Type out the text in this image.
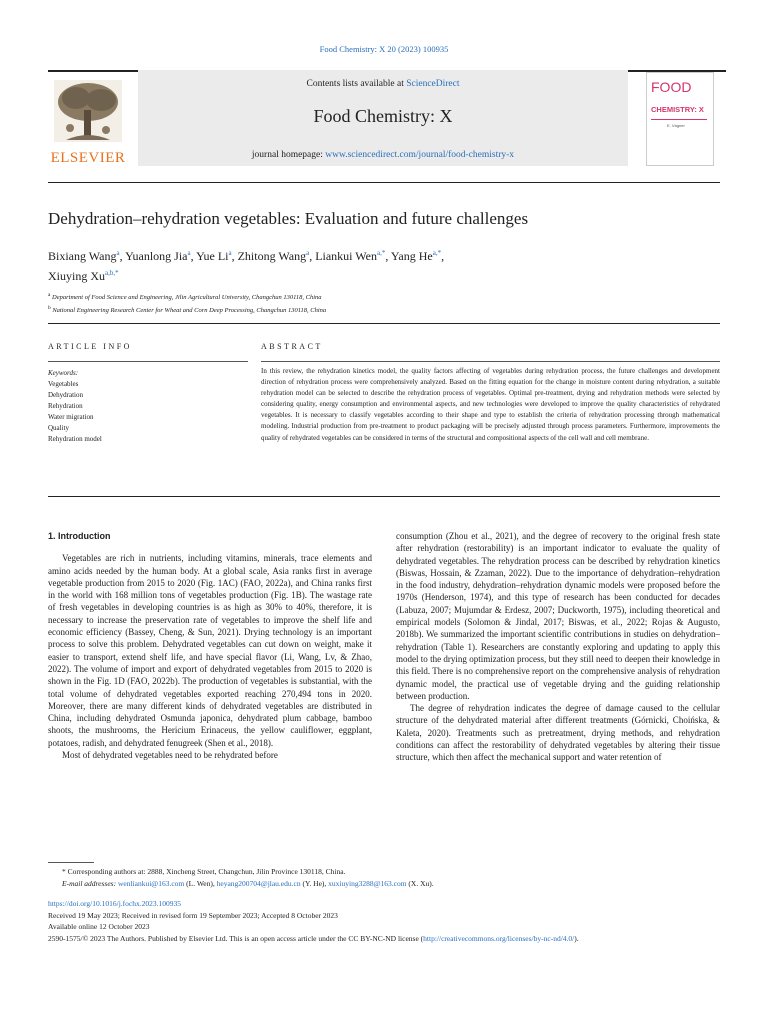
Food Chemistry: X 20 (2023) 100935
ELSEVIER
Contents lists available at ScienceDirect
Food Chemistry: X
journal homepage: www.sciencedirect.com/journal/food-chemistry-x
FOOD
CHEMISTRY: X
E. Vágner
Dehydration–rehydration vegetables: Evaluation and future challenges
Bixiang Wang$^a$, Yuanlong Jia$^a$, Yue Li$^a$, Zhitong Wang$^a$, Liankui Wen$^{a,*}$, Yang $He^{a,*}$,
Xiuying $Xu^{a,b,*}$
$^a$ Department of Food Science and Engineering, Jilin Agricultural University, Changchun 130118, China
$^b$ National Engineering Research Center for Wheat and Corn Deep Processing, Changchun 130118, China
ARTICLE INFO	ABSTRACT
Keywords:
Vegetables
Dehydration
Rehydration
Water migration
Quality
Rehydration model
In this review, the rehydration kinetics model, the quality factors affecting of vegetables during rehydration process, the future challenges and development direction of rehydration process were comprehensively analyzed. Based on the fitting equation for the change in moisture content during rehydration, a suitable rehydration model can be selected to describe the rehydration process of vegetables. Optimal pre-treatment, drying and rehydration methods were selected by considering quality, energy consumption and environmental aspects, and new technologies were developed to improve the quality characteristics of rehydrated vegetables. It is necessary to classify vegetables according to their shape and type to establish the criteria of rehydration processing through mathematical modeling. Industrial production from pre-treatment to product packaging will be precisely adjusted through process parameters. Furthermore, improvements the quality of rehydrated vegetables can be considered in terms of the structural and compositional aspects of the cell wall and cell membrane.
1. Introduction

Vegetables are rich in nutrients, including vitamins, minerals, trace elements and amino acids needed by the human body. At a global scale, Asia ranks first in average vegetable production from 2015 to 2020 (Fig. 1AC) (FAO, 2022a), and China ranks first in the world with 168 million tons of vegetables production (Fig. 1B). The wastage rate of fresh vegetables in developing countries is as high as 30% to 40%, therefore, it is necessary to increase the preservation rate of vegetables to improve the shelf life and economic efficiency (Bassey, Cheng, & Sun, 2021). Drying technology is an important process to solve this problem. Dehydrated vegetables can cut down on weight, make it easier to transport, extend shelf life, and have special flavor (Li, Wang, Lv, & Zhao, 2022). The volume of import and export of dehydrated vegetables from 2015 to 2020 is shown in the Fig. 1D (FAO, 2022b). The production of vegetables is substantial, with the total volume of dehydrated vegetables exported reaching 270,494 tons in 2020. Moreover, there are many different kinds of dehydrated vegetables are distributed in China, including dehydrated Osmunda japonica, dehydrated plum cabbage, bamboo shoots, the mushrooms, the Hericium Erinaceus, the yellow cauliflower, eggplant, potatoes, radish, and dehydrated fenugreek (Shen et al., 2018).

Most of dehydrated vegetables need to be rehydrated before

consumption (Zhou et al., 2021), and the degree of recovery to the original fresh state after rehydration (restorability) is an important indicator to evaluate the quality of dehydrated vegetables. The rehydration process can be described by rehydration kinetics (Biswas, Hossain, & Zzaman, 2022). Due to the importance of dehydration–rehydration in the food industry, dehydration–rehydration dynamic models were proposed before the 1970s (Henderson, 1974), and this type of research has been conducted for decades (Labuza, 2007; Mujumdar & Erdesz, 2007; Duckworth, 1975), including theoretical and empirical models (Solomon & Jindal, 2017; Biswas, et al., 2022; Rojas & Augusto, 2018b). We summarized the important scientific contributions in studies on dehydration–rehydration (Table 1). Researchers are constantly exploring and updating to apply this model to the drying optimization process, but they still need to deepen their knowledge in this field. There is no comprehensive report on the comprehensive analysis of rehydration dynamic model, the practical use of vegetable drying and the guiding relationship between production.

The degree of rehydration indicates the degree of damage caused to the cellular structure of the dehydrated material after different treatments (Górnicki, Choińska, & Kaleta, 2020). Treatments such as pretreatment, drying methods, and rehydration conditions can affect the restorability of dehydrated vegetables by altering their tissue structure, which then affect the mechanical support and water retention of

* Corresponding authors at: 2888, Xincheng Street, Changchun, Jilin Province 130118, China.
E-mail addresses: wenliankui@163.com (L. Wen), heyang200704@jlau.edu.cn (Y. He), xuxiuying3288@163.com (X. Xu).
https://doi.org/10.1016/j.fochx.2023.100935
Received 19 May 2023; Received in revised form 19 September 2023; Accepted 8 October 2023
Available online 12 October 2023
2590-1575/© 2023 The Authors. Published by Elsevier Ltd. This is an open access article under the CC BY-NC-ND license (http://creativecommons.org/licenses/by-nc-nd/4.0/).
